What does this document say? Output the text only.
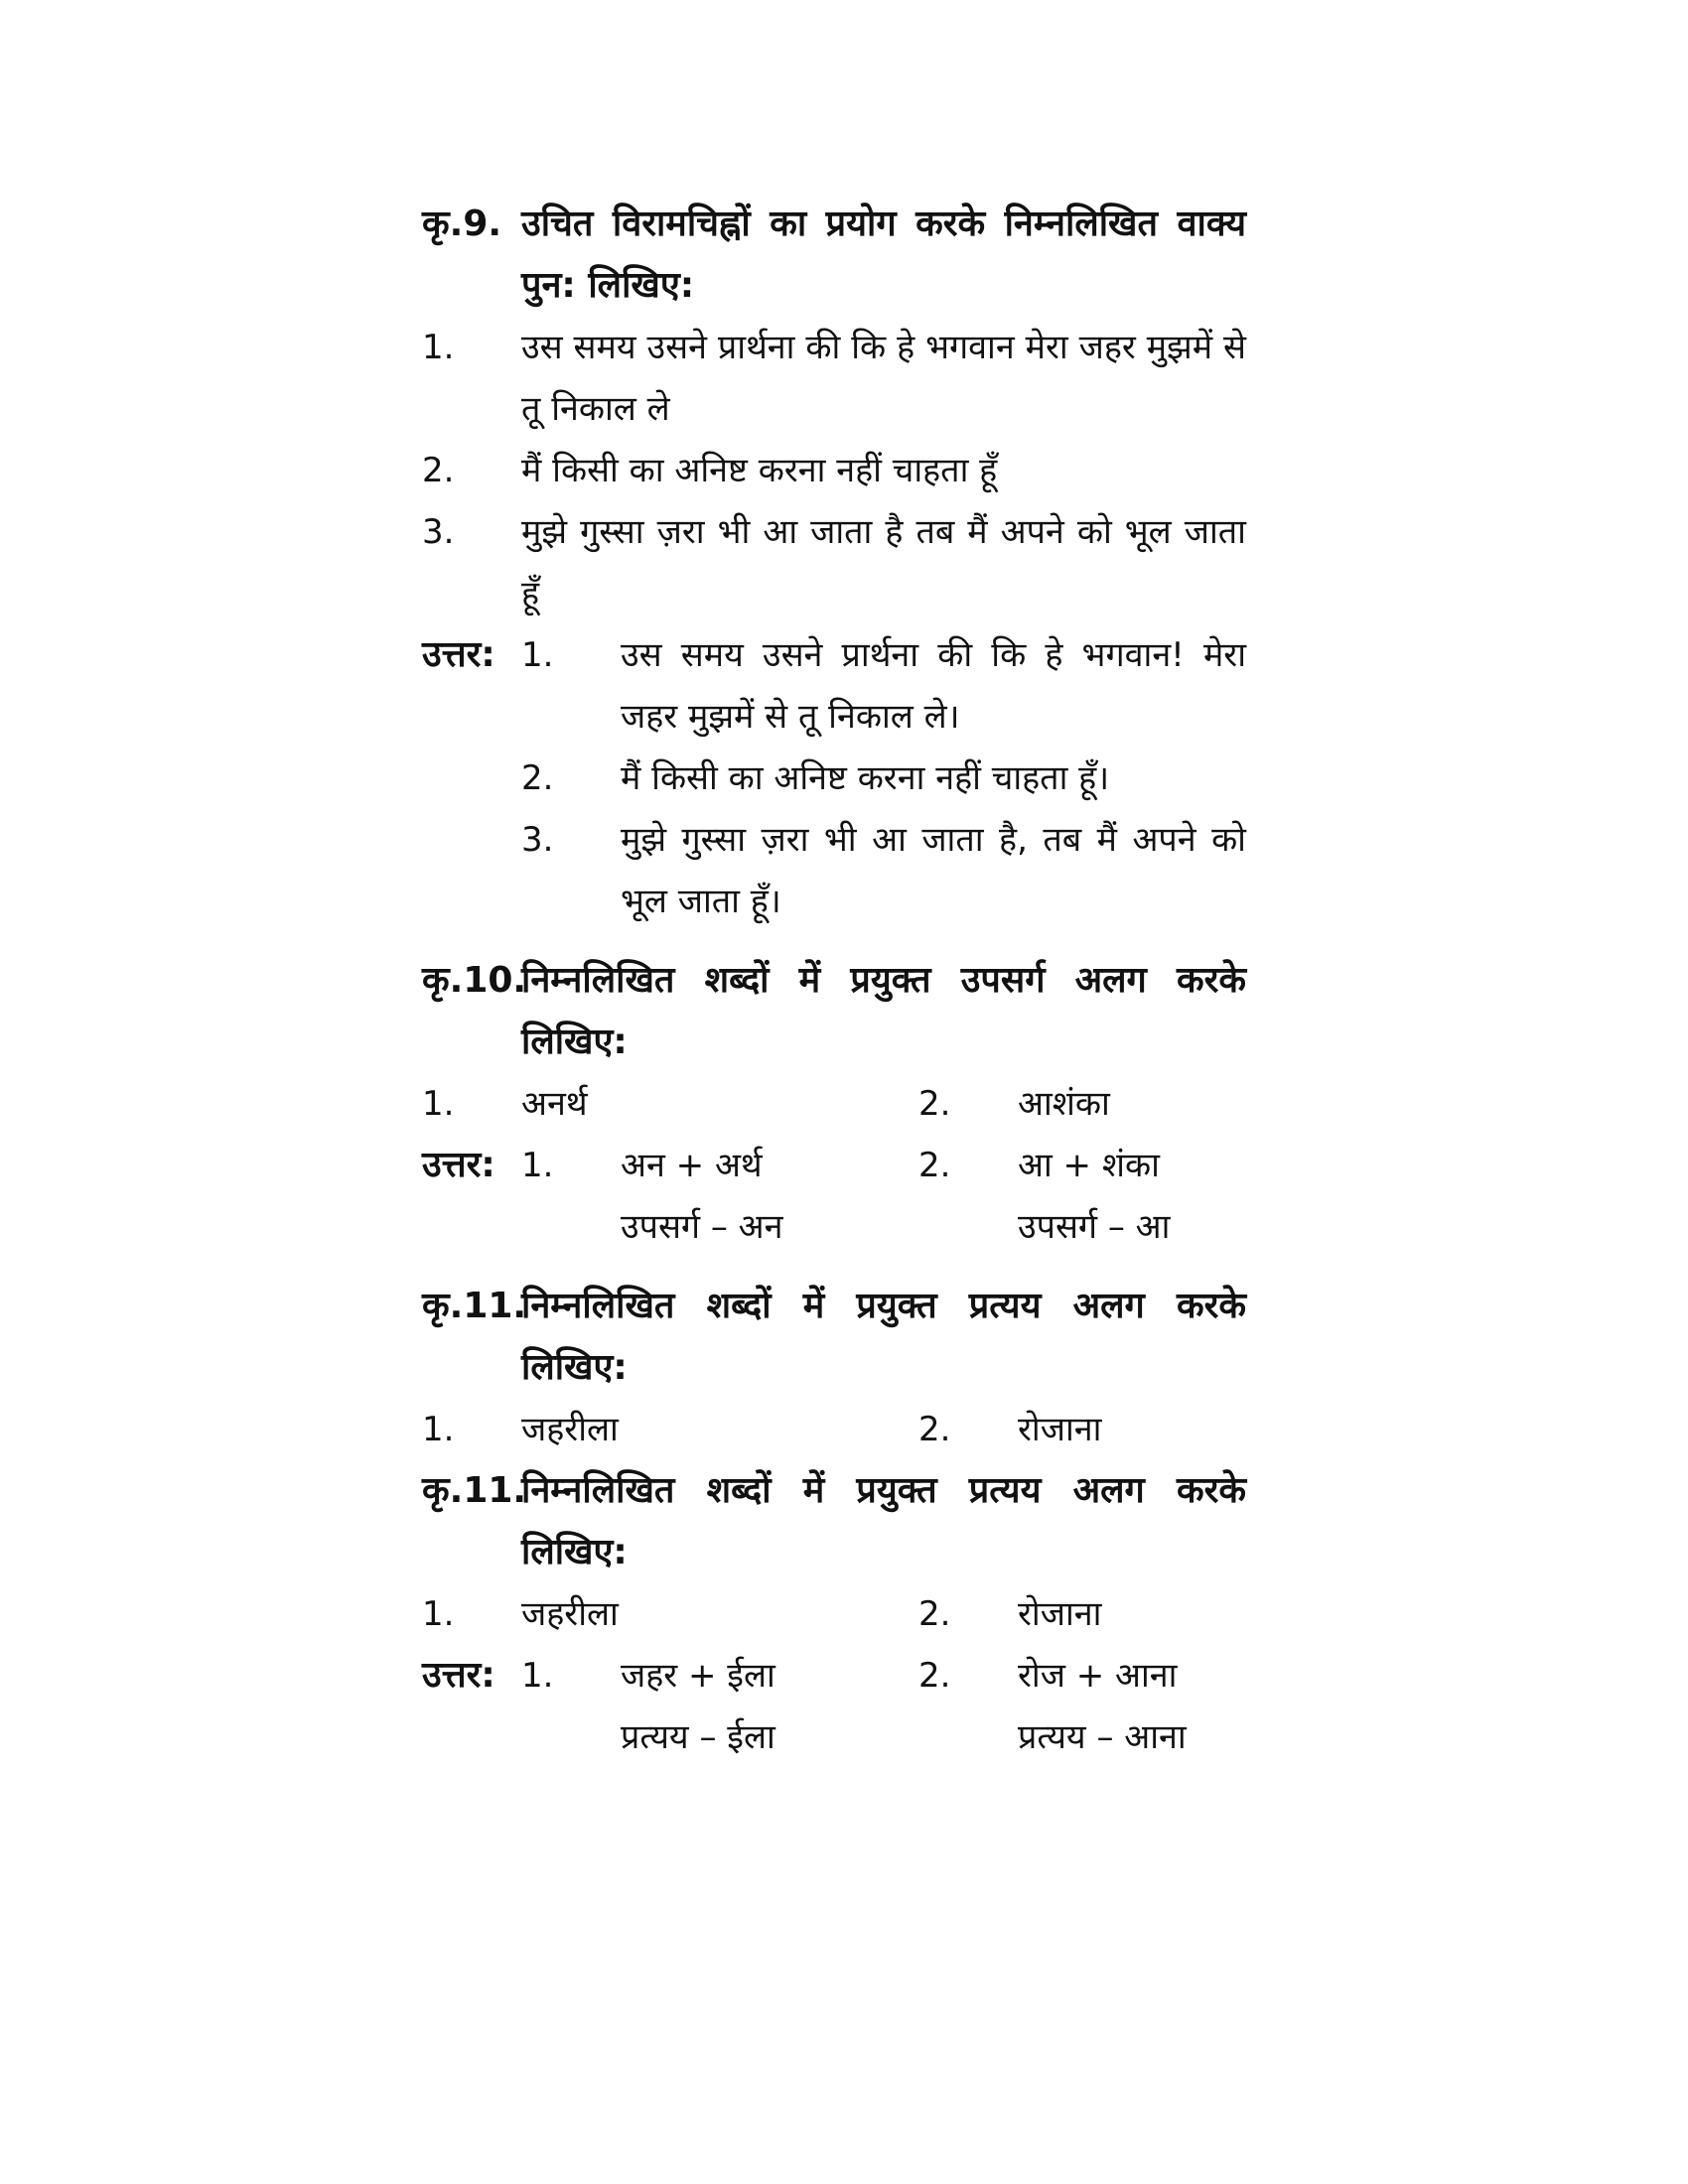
कृ.9. उचित विरामचिह्नों का प्रयोग करके निम्नलिखित वाक्य पुन: लिखिए:
1.	उस समय उसने प्रार्थना की कि हे भगवान मेरा जहर मुझमें से तू निकाल ले
2.	मैं किसी का अनिष्ट करना नहीं चाहता हूँ
3.	मुझे गुस्सा ज़रा भी आ जाता है तब मैं अपने को भूल जाता हूँ
उत्तर: 1.	उस समय उसने प्रार्थना की कि हे भगवान! मेरा जहर मुझमें से तू निकाल ले।
2.	मैं किसी का अनिष्ट करना नहीं चाहता हूँ।
3.	मुझे गुस्सा ज़रा भी आ जाता है, तब मैं अपने को भूल जाता हूँ।
कृ.10.
निम्नलिखित शब्दों में प्रयुक्त उपसर्ग अलग करके लिखिए:
1.	अनर्थ	2.	आशंका
उत्तर: 1.	अन + अर्थ	2.	आ + शंका
उपसर्ग – अन	उपसर्ग – आ
कृ.11.
निम्नलिखित शब्दों में प्रयुक्त प्रत्यय अलग करके लिखिए:
1.	जहरीला	2.	रोजाना
कृ.11.
निम्नलिखित शब्दों में प्रयुक्त प्रत्यय अलग करके लिखिए:
1.	जहरीला	2.	रोजाना
उत्तर: 1.	जहर + ईला	2.	रोज + आना
प्रत्यय – ईला	प्रत्यय – आना
